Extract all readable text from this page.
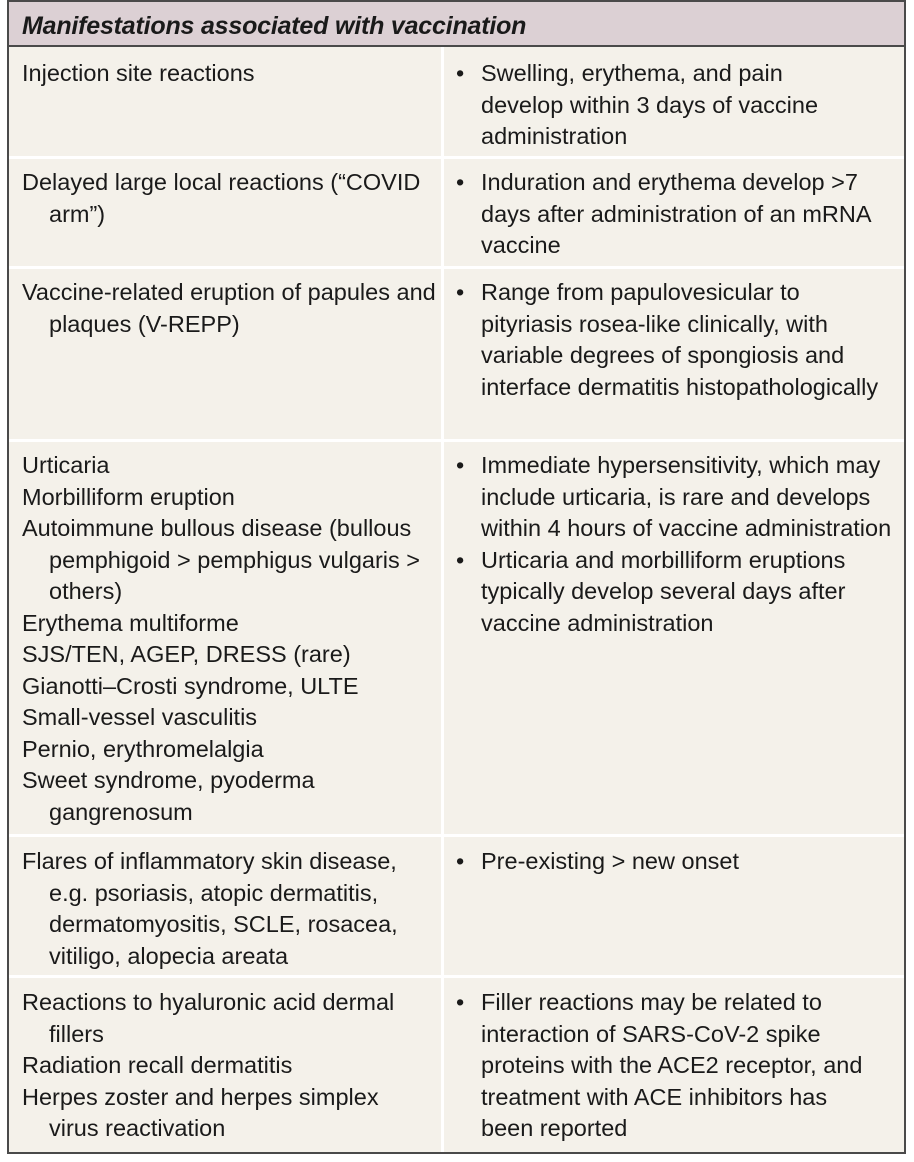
Manifestations associated with vaccination

Injection site reactions	• Swelling, erythema, and pain develop within 3 days of vaccine administration

Delayed large local reactions (“COVID arm”)

• Induration and erythema develop >7 days after administration of an mRNA vaccine

Vaccine-related eruption of papules and plaques (V-REPP)

• Range from papulovesicular to pityriasis rosea-like clinically, with variable degrees of spongiosis and interface dermatitis histopathologically

Urticaria

Morbilliform eruption

Autoimmune bullous disease (bullous pemphigoid > pemphigus vulgaris > others)

Erythema multiforme

SJS/TEN, AGEP, DRESS (rare)

Gianotti–Crosti syndrome, ULTE

Small-vessel vasculitis

Pernio, erythromelalgia

Sweet syndrome, pyoderma gangrenosum

• Immediate hypersensitivity, which may include urticaria, is rare and develops within 4 hours of vaccine administration

• Urticaria and morbilliform eruptions typically develop several days after vaccine administration

Flares of inflammatory skin disease, e.g. psoriasis, atopic dermatitis, dermatomyositis, SCLE, rosacea, vitiligo, alopecia areata

• Pre-existing > new onset

Reactions to hyaluronic acid dermal fillers

Radiation recall dermatitis

Herpes zoster and herpes simplex virus reactivation

• Filler reactions may be related to interaction of SARS-CoV-2 spike proteins with the ACE2 receptor, and treatment with ACE inhibitors has been reported
